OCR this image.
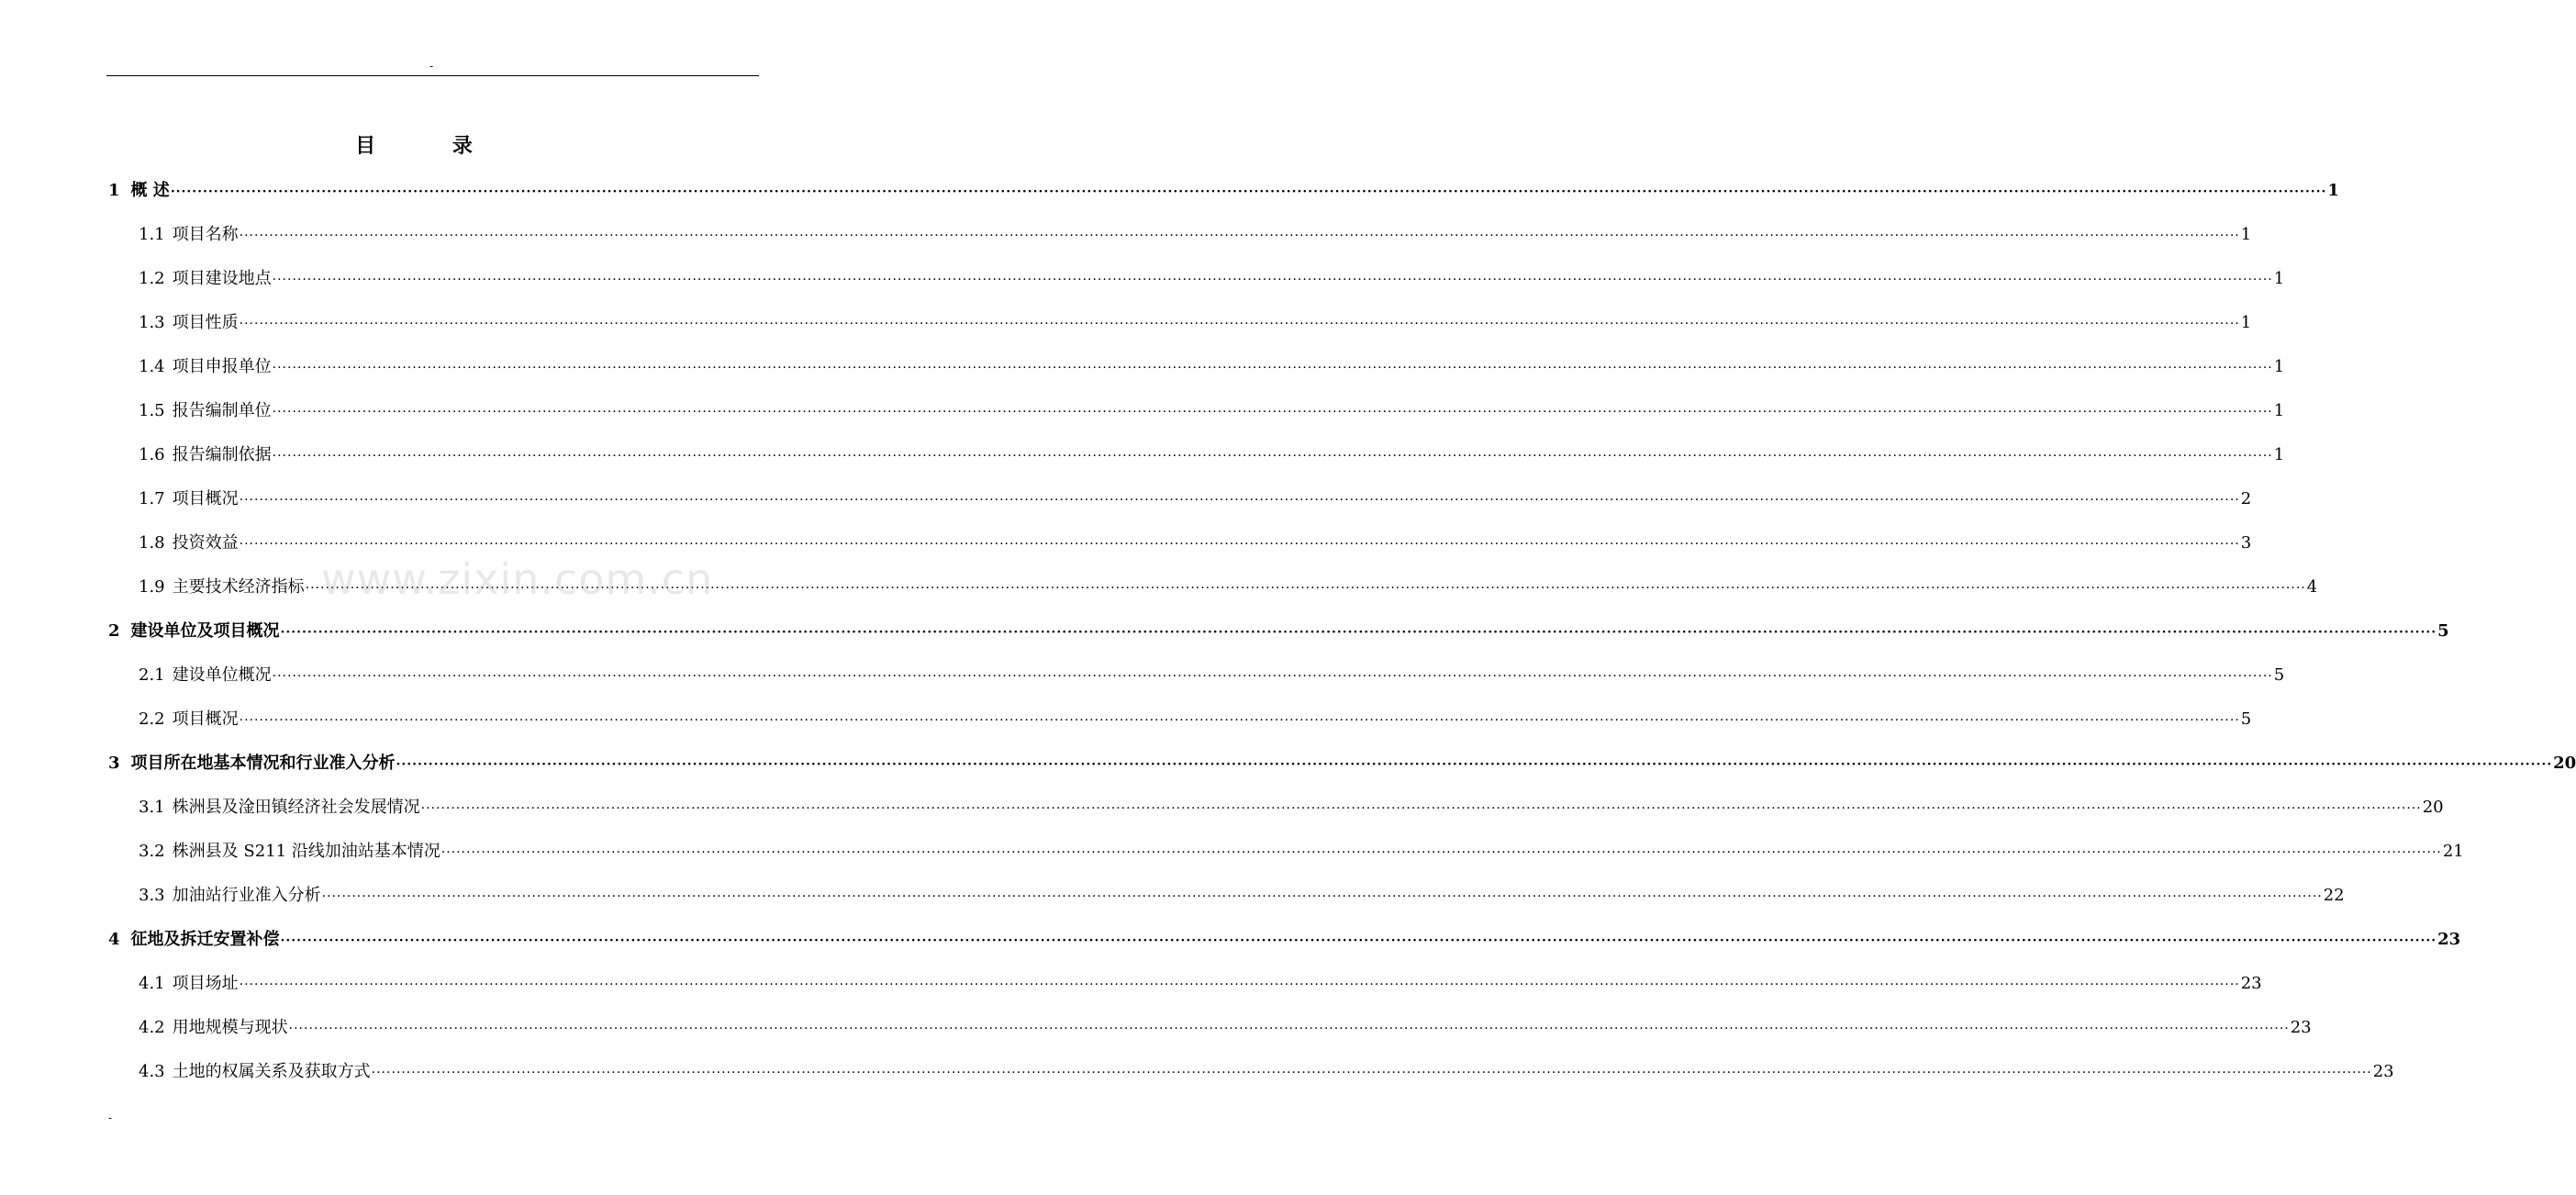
-
目 录
1 概 述 ················································································································································································································································································································································································································ 1
1.1 项目名称 ················································································································································································································································································································································································································ 1
1.2 项目建设地点 ················································································································································································································································································································································································································ 1
1.3 项目性质 ················································································································································································································································································································································································································ 1
1.4 项目申报单位 ················································································································································································································································································································································································································ 1
1.5 报告编制单位 ················································································································································································································································································································································································································ 1
1.6 报告编制依据 ················································································································································································································································································································································································································ 1
1.7 项目概况 ················································································································································································································································································································································································································ 2
1.8 投资效益 ················································································································································································································································································································································································································ 3
1.9 主要技术经济指标 ················································································································································································································································································································································································································ 4
2 建设单位及项目概况 ················································································································································································································································································································································································································ 5
2.1 建设单位概况 ················································································································································································································································································································································································································ 5
2.2 项目概况 ················································································································································································································································································································································································································ 5
3 项目所在地基本情况和行业准入分析 ················································································································································································································································································································································································································ 20
3.1 株洲县及淦田镇经济社会发展情况 ················································································································································································································································································································································································································ 20
3.2 株洲县及 S211 沿线加油站基本情况 ················································································································································································································································································································································································································ 21
3.3 加油站行业准入分析 ················································································································································································································································································································································································································ 22
4 征地及拆迁安置补偿 ················································································································································································································································································································································································································ 23
4.1 项目场址 ················································································································································································································································································································································································································ 23
4.2 用地规模与现状 ················································································································································································································································································································································································································ 23
4.3 土地的权属关系及获取方式 ················································································································································································································································································································································································································ 23
www.zixin.com.cn
-
